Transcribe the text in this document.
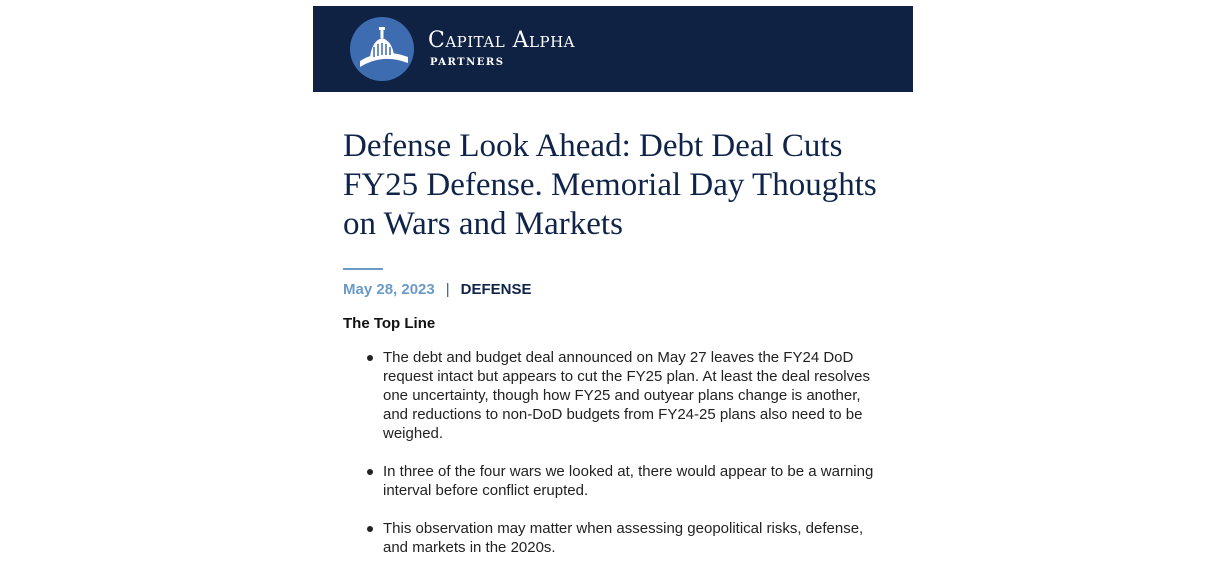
Capital Alpha
PARTNERS
Defense Look Ahead: Debt Deal Cuts FY25 Defense. Memorial Day Thoughts on Wars and Markets
May 28, 2023 | DEFENSE
The Top Line
The debt and budget deal announced on May 27 leaves the FY24 DoD request intact but appears to cut the FY25 plan. At least the deal resolves one uncertainty, though how FY25 and outyear plans change is another, and reductions to non-DoD budgets from FY24-25 plans also need to be weighed.
In three of the four wars we looked at, there would appear to be a warning interval before conflict erupted.
This observation may matter when assessing geopolitical risks, defense, and markets in the 2020s.
